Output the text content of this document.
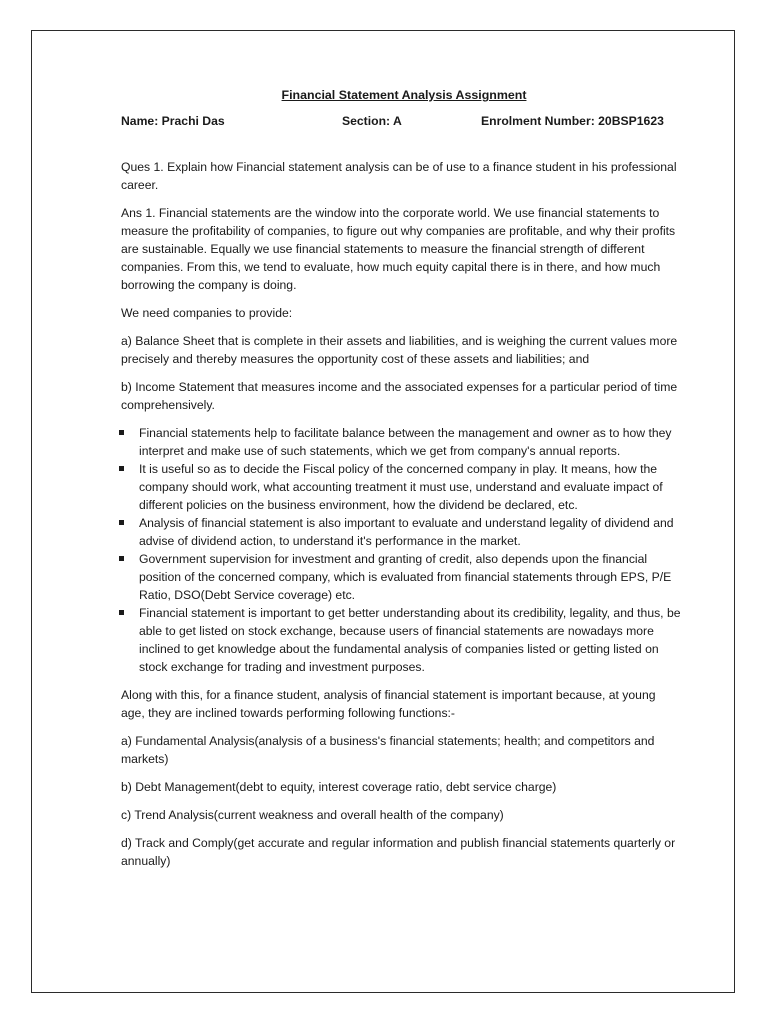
Financial Statement Analysis Assignment
Name: Prachi Das	Section: A	Enrolment Number: 20BSP1623

Ques 1. Explain how Financial statement analysis can be of use to a finance student in his professional career.

Ans 1. Financial statements are the window into the corporate world. We use financial statements to measure the profitability of companies, to figure out why companies are profitable, and why their profits are sustainable. Equally we use financial statements to measure the financial strength of different companies. From this, we tend to evaluate, how much equity capital there is in there, and how much borrowing the company is doing.

We need companies to provide:

a) Balance Sheet that is complete in their assets and liabilities, and is weighing the current values more precisely and thereby measures the opportunity cost of these assets and liabilities; and

b) Income Statement that measures income and the associated expenses for a particular period of time comprehensively.

Financial statements help to facilitate balance between the management and owner as to how they interpret and make use of such statements, which we get from company's annual reports.
It is useful so as to decide the Fiscal policy of the concerned company in play. It means, how the company should work, what accounting treatment it must use, understand and evaluate impact of different policies on the business environment, how the dividend be declared, etc.
Analysis of financial statement is also important to evaluate and understand legality of dividend and advise of dividend action, to understand it's performance in the market.
Government supervision for investment and granting of credit, also depends upon the financial position of the concerned company, which is evaluated from financial statements through EPS, P/E Ratio, DSO(Debt Service coverage) etc.
Financial statement is important to get better understanding about its credibility, legality, and thus, be able to get listed on stock exchange, because users of financial statements are nowadays more inclined to get knowledge about the fundamental analysis of companies listed or getting listed on stock exchange for trading and investment purposes.

Along with this, for a finance student, analysis of financial statement is important because, at young age, they are inclined towards performing following functions:-

a) Fundamental Analysis(analysis of a business's financial statements; health; and competitors and markets)

b) Debt Management(debt to equity, interest coverage ratio, debt service charge)

c) Trend Analysis(current weakness and overall health of the company)

d) Track and Comply(get accurate and regular information and publish financial statements quarterly or annually)
